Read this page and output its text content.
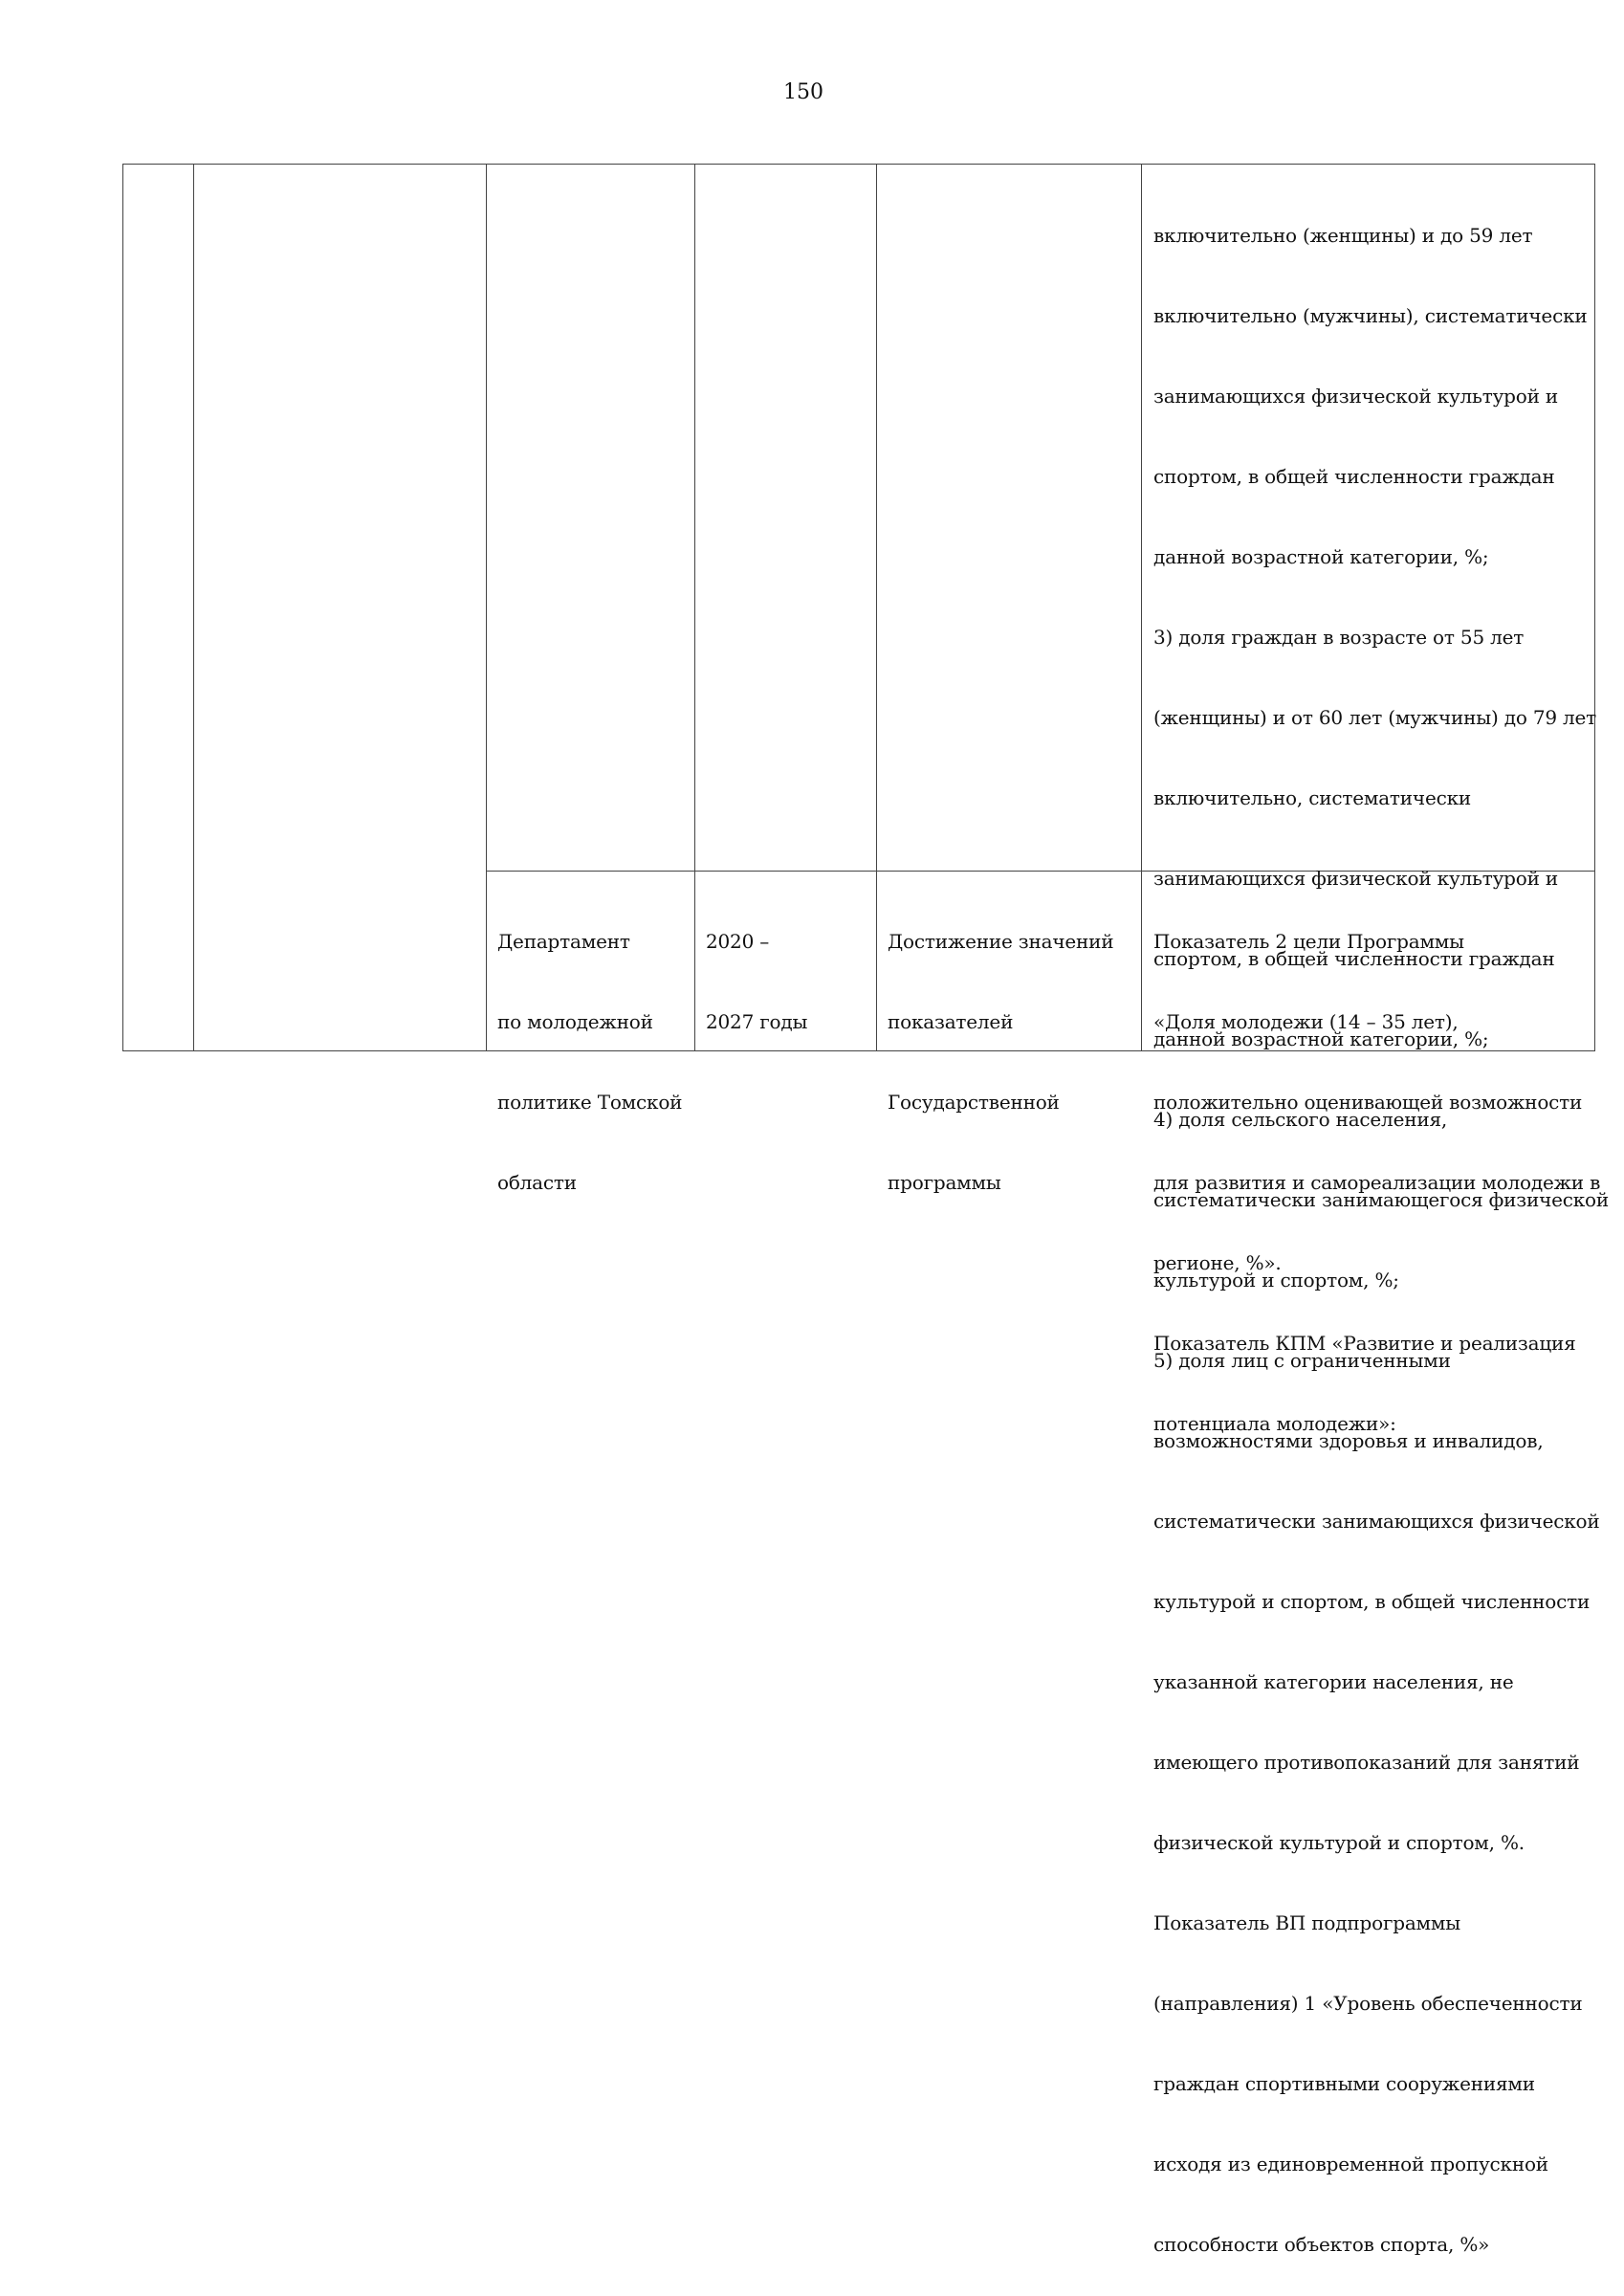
150

включительно (женщины) и до 59 лет

включительно (мужчины), систематически

занимающихся физической культурой и

спортом, в общей численности граждан

данной возрастной категории, %;

3) доля граждан в возрасте от 55 лет

(женщины) и от 60 лет (мужчины) до 79 лет

включительно, систематически

занимающихся физической культурой и

спортом, в общей численности граждан

данной возрастной категории, %;

4) доля сельского населения,

систематически занимающегося физической

культурой и спортом, %;

5) доля лиц с ограниченными

возможностями здоровья и инвалидов,

систематически занимающихся физической

культурой и спортом, в общей численности

указанной категории населения, не

имеющего противопоказаний для занятий

физической культурой и спортом, %.

Показатель ВП подпрограммы

(направления) 1 «Уровень обеспеченности

граждан спортивными сооружениями

исходя из единовременной пропускной

способности объектов спорта, %»

Департамент

по молодежной

политике Томской

области

2020 –

2027 годы

Достижение значений

показателей

Государственной

программы

Показатель 2 цели Программы

«Доля молодежи (14 – 35 лет),

положительно оценивающей возможности

для развития и самореализации молодежи в

регионе, %».

Показатель КПМ «Развитие и реализация

потенциала молодежи»:
